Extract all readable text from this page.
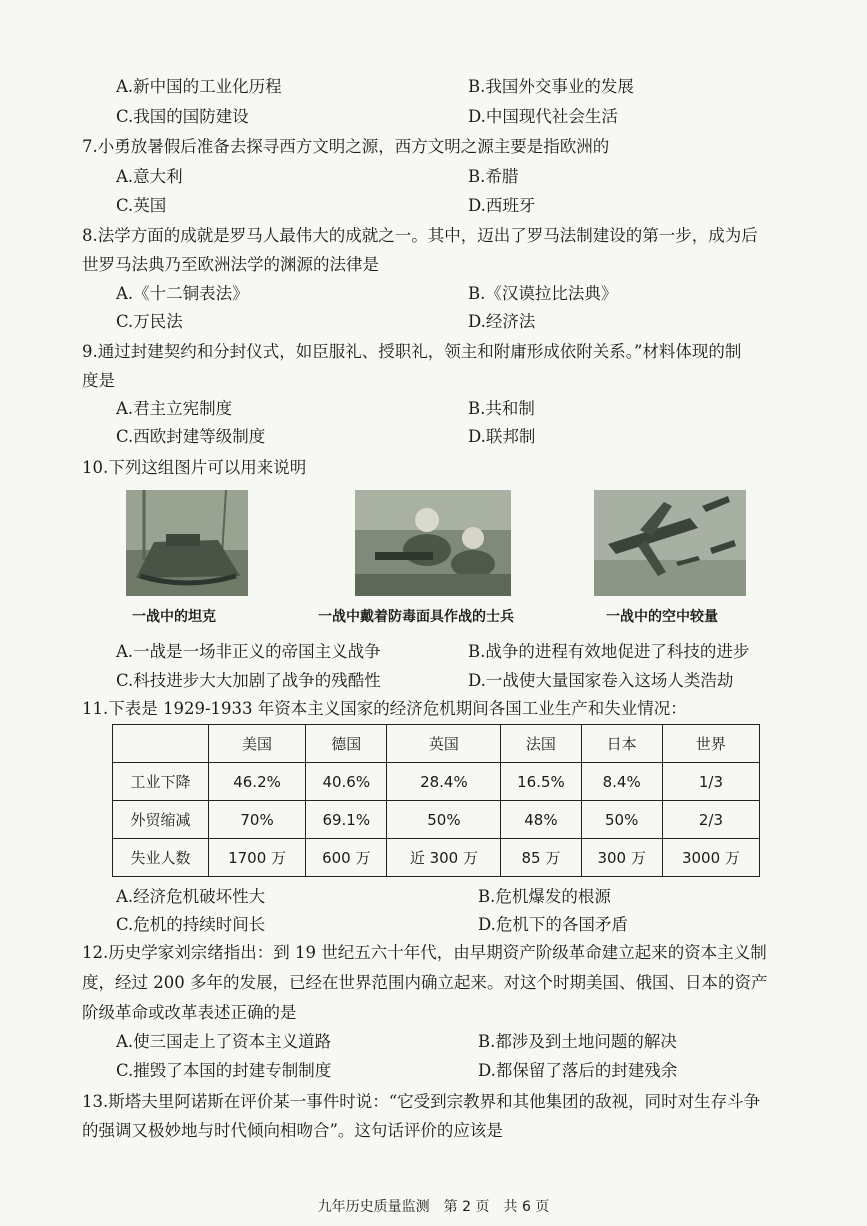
A.新中国的工业化历程	B.我国外交事业的发展
C.我国的国防建设	D.中国现代社会生活
7.小勇放暑假后准备去探寻西方文明之源，西方文明之源主要是指欧洲的
A.意大利	B.希腊
C.英国	D.西班牙
8.法学方面的成就是罗马人最伟大的成就之一。其中，迈出了罗马法制建设的第一步，成为后
世罗马法典乃至欧洲法学的渊源的法律是
A.《十二铜表法》	B.《汉谟拉比法典》
C.万民法	D.经济法
9.通过封建契约和分封仪式，如臣服礼、授职礼，领主和附庸形成依附关系。”材料体现的制
度是
A.君主立宪制度	B.共和制
C.西欧封建等级制度	D.联邦制
10.下列这组图片可以用来说明
一战中的坦克	一战中戴着防毒面具作战的士兵	一战中的空中较量
A.一战是一场非正义的帝国主义战争	B.战争的进程有效地促进了科技的进步
C.科技进步大大加剧了战争的残酷性	D.一战使大量国家卷入这场人类浩劫
11.下表是 1929-1933 年资本主义国家的经济危机期间各国工业生产和失业情况：
	美国	德国	英国	法国	日本	世界
工业下降	46.2%	40.6%	28.4%	16.5%	8.4%	1/3
外贸缩减	70%	69.1%	50%	48%	50%	2/3
失业人数	1700 万	600 万	近 300 万	85 万	300 万	3000 万
A.经济危机破坏性大	B.危机爆发的根源
C.危机的持续时间长	D.危机下的各国矛盾
12.历史学家刘宗绪指出：到 19 世纪五六十年代，由早期资产阶级革命建立起来的资本主义制
度，经过 200 多年的发展，已经在世界范围内确立起来。对这个时期美国、俄国、日本的资产
阶级革命或改革表述正确的是
A.使三国走上了资本主义道路	B.都涉及到土地问题的解决
C.摧毁了本国的封建专制制度	D.都保留了落后的封建残余
13.斯塔夫里阿诺斯在评价某一事件时说：“它受到宗教界和其他集团的敌视，同时对生存斗争
的强调又极妙地与时代倾向相吻合”。这句话评价的应该是
九年历史质量监测　第 2 页　共 6 页
